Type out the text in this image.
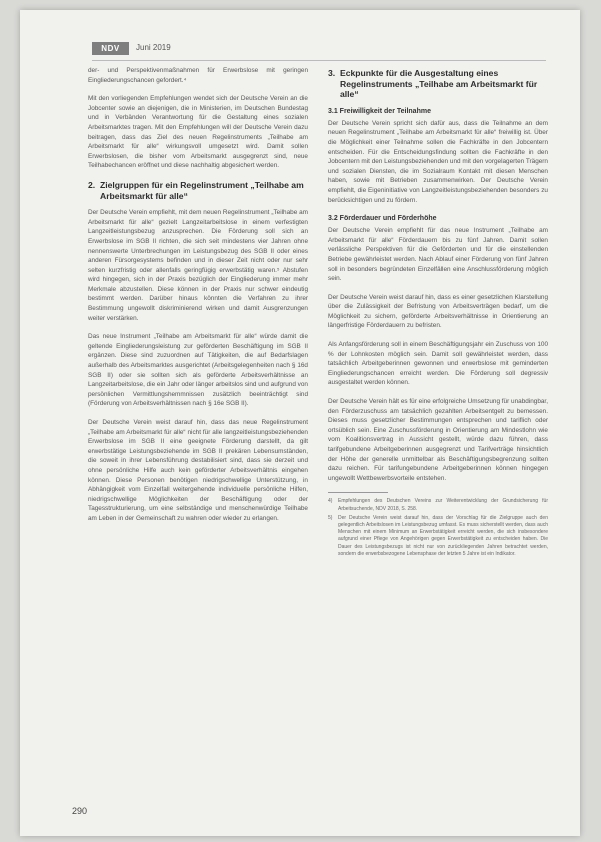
NDV	Juni 2019

der- und Perspektivenmaßnahmen für Erwerbslose mit geringen Eingliederungschancen gefordert.⁴

Mit den vorliegenden Empfehlungen wendet sich der Deutsche Verein an die Jobcenter sowie an diejenigen, die in Ministerien, im Deutschen Bundestag und in Verbänden Verantwortung für die Gestaltung eines sozialen Arbeitsmarktes tragen. Mit den Empfehlungen will der Deutsche Verein dazu beitragen, dass das Ziel des neuen Regelinstruments „Teilhabe am Arbeitsmarkt für alle“ wirkungsvoll umgesetzt wird. Damit sollen Erwerbslosen, die bisher vom Arbeitsmarkt ausgegrenzt sind, neue Teilhabechancen eröffnet und diese nachhaltig abgesichert werden.

2. Zielgruppen für ein Regelinstrument „Teilhabe am Arbeitsmarkt für alle“

Der Deutsche Verein empfiehlt, mit dem neuen Regelinstrument „Teilhabe am Arbeitsmarkt für alle“ gezielt Langzeitarbeitslose in einem verfestigten Langzeitleistungsbezug anzusprechen. Die Förderung soll sich an Erwerbslose im SGB II richten, die sich seit mindestens vier Jahren ohne nennenswerte Unterbrechungen im Leistungsbezug des SGB II oder eines anderen Fürsorgesystems befinden und in dieser Zeit nicht oder nur sehr selten kurzfristig oder allenfalls geringfügig erwerbstätig waren.⁵ Abstufen wird hingegen, sich in der Praxis bezüglich der Eingliederung immer mehr Merkmale abzustellen. Diese können in der Praxis nur schwer eindeutig bestimmt werden. Darüber hinaus könnten die Verfahren zu ihrer Bestimmung ungewollt diskriminierend wirken und damit Ausgrenzungen weiter verstärken.

Das neue Instrument „Teilhabe am Arbeitsmarkt für alle“ würde damit die geltende Eingliederungsleistung zur geförderten Beschäftigung im SGB II ergänzen. Diese sind zuzuordnen auf Tätigkeiten, die auf Bedarfslagen außerhalb des Arbeitsmarktes ausgerichtet (Arbeitsgelegenheiten nach § 16d SGB II) oder sie sollten sich als geförderte Arbeitsverhältnisse an Langzeitarbeitslose, die ein Jahr oder länger arbeitslos sind und aufgrund von persönlichen Vermittlungshemmnissen zusätzlich beeinträchtigt sind (Förderung von Arbeitsverhältnissen nach § 16e SGB II).

Der Deutsche Verein weist darauf hin, dass das neue Regelinstrument „Teilhabe am Arbeitsmarkt für alle“ nicht für alle langzeitleistungsbeziehenden Erwerbslose im SGB II eine geeignete Förderung darstellt, da gilt erwerbstätige Leistungsbeziehende im SGB II prekären Lebensumständen, die soweit in ihrer Lebensführung destabilisiert sind, dass sie derzeit und ohne persönliche Hilfe auch kein geförderter Arbeitsverhältnis eingehen können. Diese Personen benötigen niedrigschwellige Unterstützung, in Abhängigkeit vom Einzelfall weitergehende individuelle persönliche Hilfen, niedrigschwellige Möglichkeiten der Beschäftigung oder der Tagesstrukturierung, um eine selbständige und menschenwürdige Teilhabe am Leben in der Gemeinschaft zu wahren oder wieder zu erlangen.

3. Eckpunkte für die Ausgestaltung eines Regelinstruments „Teilhabe am Arbeitsmarkt für alle“
3.1 Freiwilligkeit der Teilnahme

Der Deutsche Verein spricht sich dafür aus, dass die Teilnahme an dem neuen Regelinstrument „Teilhabe am Arbeitsmarkt für alle“ freiwillig ist. Über die Möglichkeit einer Teilnahme sollen die Fachkräfte in den Jobcentern entscheiden. Für die Entscheidungsfindung sollten die Fachkräfte in den Jobcentern mit den Leistungsbeziehenden und mit den vorgelagerten Trägern und sozialen Diensten, die im Sozialraum Kontakt mit diesen Menschen haben, sowie mit Betrieben zusammenwirken. Der Deutsche Verein empfiehlt, die Eigeninitiative von Langzeitleistungsbeziehenden besonders zu berücksichtigen und zu fördern.

3.2 Förderdauer und Förderhöhe

Der Deutsche Verein empfiehlt für das neue Instrument „Teilhabe am Arbeitsmarkt für alle“ Förderdauern bis zu fünf Jahren. Damit sollen verlässliche Perspektiven für die Geförderten und für die einstellenden Betriebe gewährleistet werden. Nach Ablauf einer Förderung von fünf Jahren soll in besonders begründeten Einzelfällen eine Anschlussförderung möglich sein.

Der Deutsche Verein weist darauf hin, dass es einer gesetzlichen Klarstellung über die Zulässigkeit der Befristung von Arbeitsverträgen bedarf, um die Möglichkeit zu sichern, geförderte Arbeitsverhältnisse in Orientierung an längerfristige Förderdauern zu befristen.

Als Anfangsförderung soll in einem Beschäftigungsjahr ein Zuschuss von 100 % der Lohnkosten möglich sein. Damit soll gewährleistet werden, dass tatsächlich Arbeitgeberinnen gewonnen und erwerbslose mit geminderten Eingliederungschancen erreicht werden. Die Förderung soll degressiv ausgestaltet werden können.

Der Deutsche Verein hält es für eine erfolgreiche Umsetzung für unabdingbar, den Förderzuschuss am tatsächlich gezahlten Arbeitsentgelt zu bemessen. Dieses muss gesetzlicher Bestimmungen entsprechen und tariflich oder ortsüblich sein. Eine Zuschussförderung in Orientierung am Mindestlohn wie vom Koalitionsvertrag in Aussicht gestellt, würde dazu führen, dass tarifgebundene Arbeitgeberinnen ausgegrenzt und Tarifverträge hinsichtlich der Höhe der generelle unmittelbar als Beschäftigungsbegrenzung sollten dazu reichen. Für tarifungebundene Arbeitgeberinnen können hingegen ungewollt Wettbewerbsvorteile entstehen.

4)	Empfehlungen des Deutschen Vereins zur Weiterentwicklung der Grundsicherung für Arbeitsuchende, NDV 2018, S. 258.
5)	Der Deutsche Verein weist darauf hin, dass der Vorschlag für die Zielgruppe auch den gelegentlich Arbeitslosen im Leistungsbezug umfasst. Es muss sicherstellt werden, dass auch Menschen mit einem Minimum an Erwerbstätigkeit erreicht werden, die sich insbesondere aufgrund einer Pflege von Angehörigen gegen Erwerbstätigkeit zu entscheiden haben. Die Dauer des Leistungsbezugs ist nicht nur von zurückliegenden Jahren betrachtet werden, sondern die erwerbsbezogene Lebensphase der letzten 5 Jahre ist ein Indikator.
290
